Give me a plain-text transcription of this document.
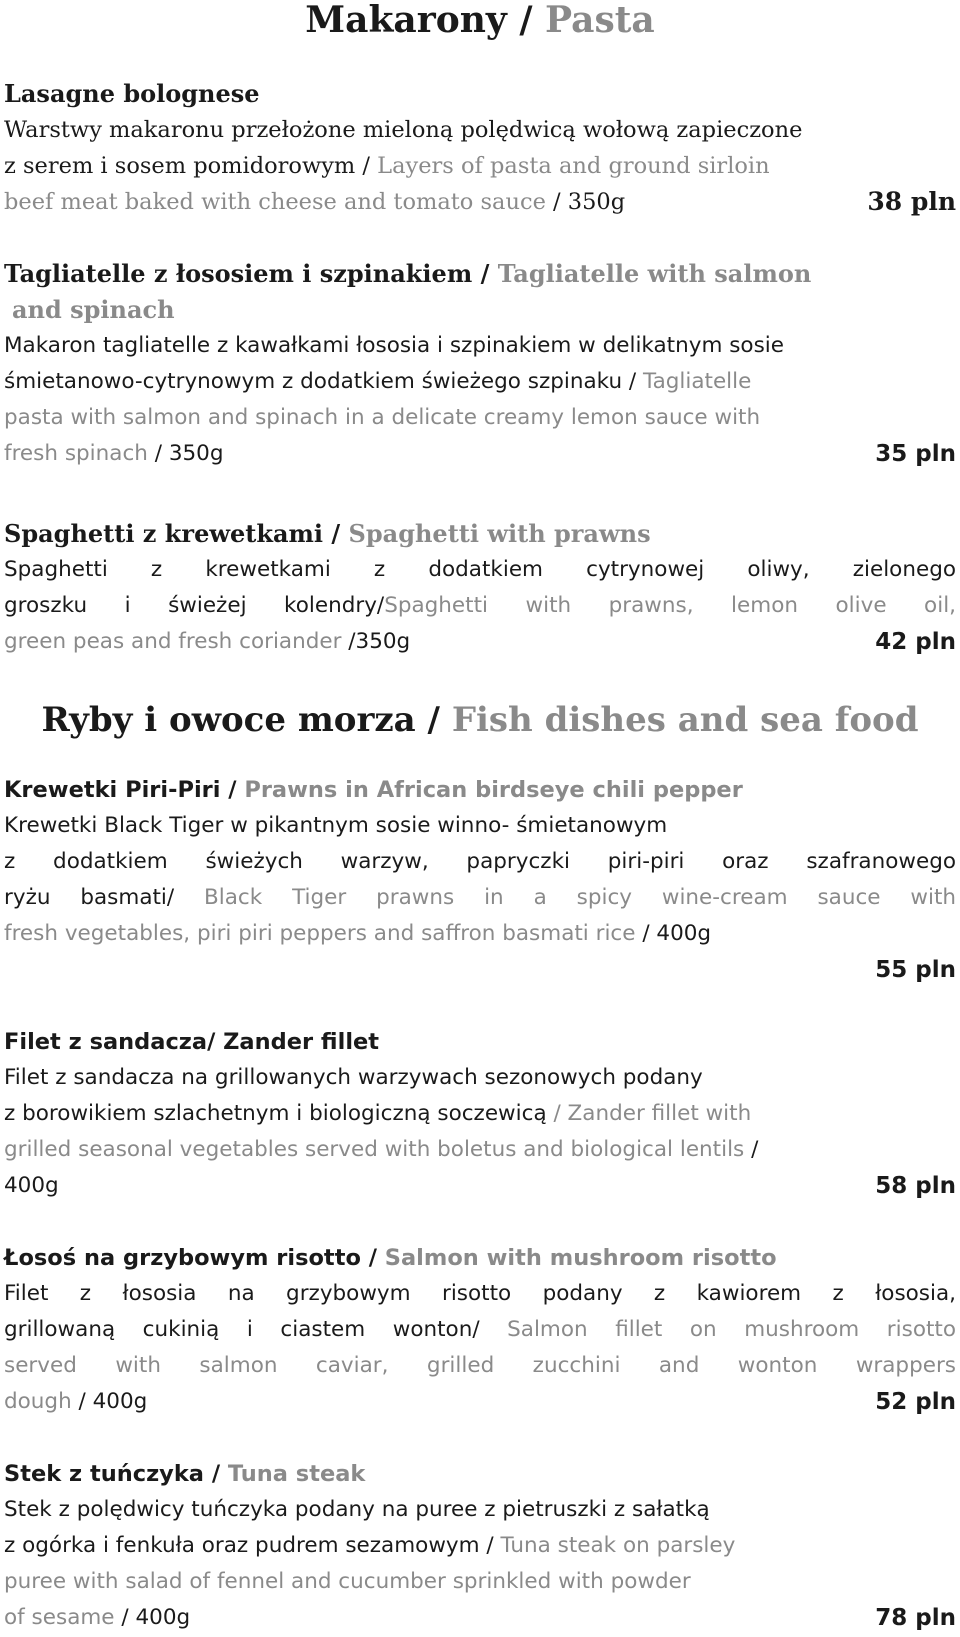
Makarony / Pasta
Lasagne bolognese
Warstwy makaronu przełożone mieloną polędwicą wołową zapieczone
z serem i sosem pomidorowym / Layers of pasta and ground sirloin
beef meat baked with cheese and tomato sauce / 350g	38 pln
Tagliatelle z łososiem i szpinakiem / Tagliatelle with salmon
and spinach
Makaron tagliatelle z kawałkami łososia i szpinakiem w delikatnym sosie
śmietanowo-cytrynowym z dodatkiem świeżego szpinaku / Tagliatelle
pasta with salmon and spinach in a delicate creamy lemon sauce with
fresh spinach / 350g	35 pln
Spaghetti z krewetkami / Spaghetti with prawns
Spaghetti z krewetkami z dodatkiem cytrynowej oliwy, zielonego
groszku i świeżej kolendry/Spaghetti with prawns, lemon olive oil,
green peas and fresh coriander /350g	42 pln
Ryby i owoce morza / Fish dishes and sea food
Krewetki Piri-Piri / Prawns in African birdseye chili pepper
Krewetki Black Tiger w pikantnym sosie winno- śmietanowym
z dodatkiem świeżych warzyw, papryczki piri-piri oraz szafranowego
ryżu basmati/ Black Tiger prawns in a spicy wine-cream sauce with
fresh vegetables, piri piri peppers and saffron basmati rice / 400g

55 pln
Filet z sandacza/ Zander fillet
Filet z sandacza na grillowanych warzywach sezonowych podany
z borowikiem szlachetnym i biologiczną soczewicą / Zander fillet with
grilled seasonal vegetables served with boletus and biological lentils /
400g	58 pln
Łosoś na grzybowym risotto / Salmon with mushroom risotto
Filet z łososia na grzybowym risotto podany z kawiorem z łososia,
grillowaną cukinią i ciastem wonton/ Salmon fillet on mushroom risotto
served with salmon caviar, grilled zucchini and wonton wrappers
dough / 400g	52 pln
Stek z tuńczyka / Tuna steak
Stek z polędwicy tuńczyka podany na puree z pietruszki z sałatką
z ogórka i fenkuła oraz pudrem sezamowym / Tuna steak on parsley
puree with salad of fennel and cucumber sprinkled with powder
of sesame / 400g	78 pln
